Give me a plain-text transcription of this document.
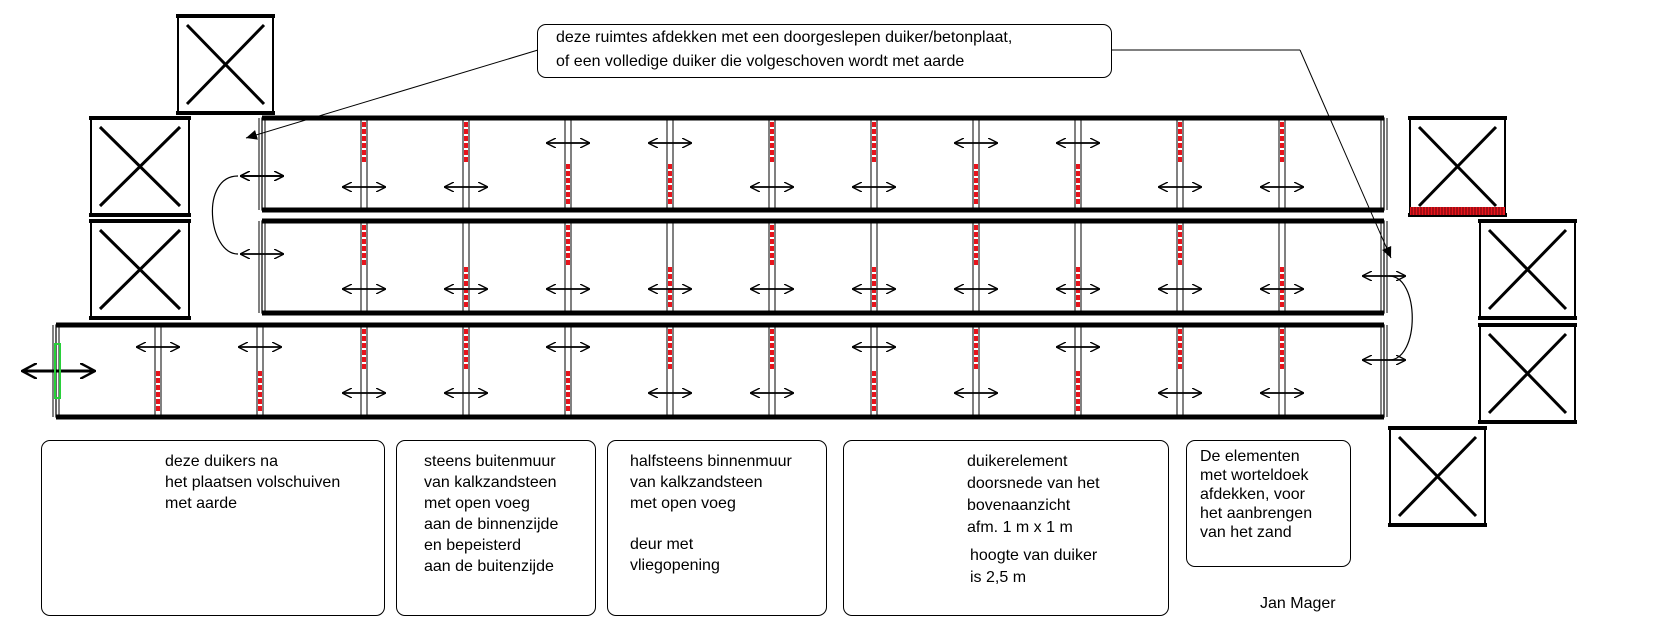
deze ruimtes afdekken met een doorgeslepen duiker/betonplaat,
of een volledige duiker die volgeschoven wordt met aarde
deze duikers na
het plaatsen volschuiven
met aarde
steens buitenmuur
van kalkzandsteen
met open voeg
aan de binnenzijde
en bepeisterd
aan de buitenzijde
halfsteens binnenmuur
van kalkzandsteen
met open voeg
deur met
vliegopening
duikerelement
doorsnede van het
bovenaanzicht
afm. 1 m x 1 m
hoogte van duiker
is 2,5 m
De elementen
met worteldoek
afdekken, voor
het aanbrengen
van het zand
Jan Mager
